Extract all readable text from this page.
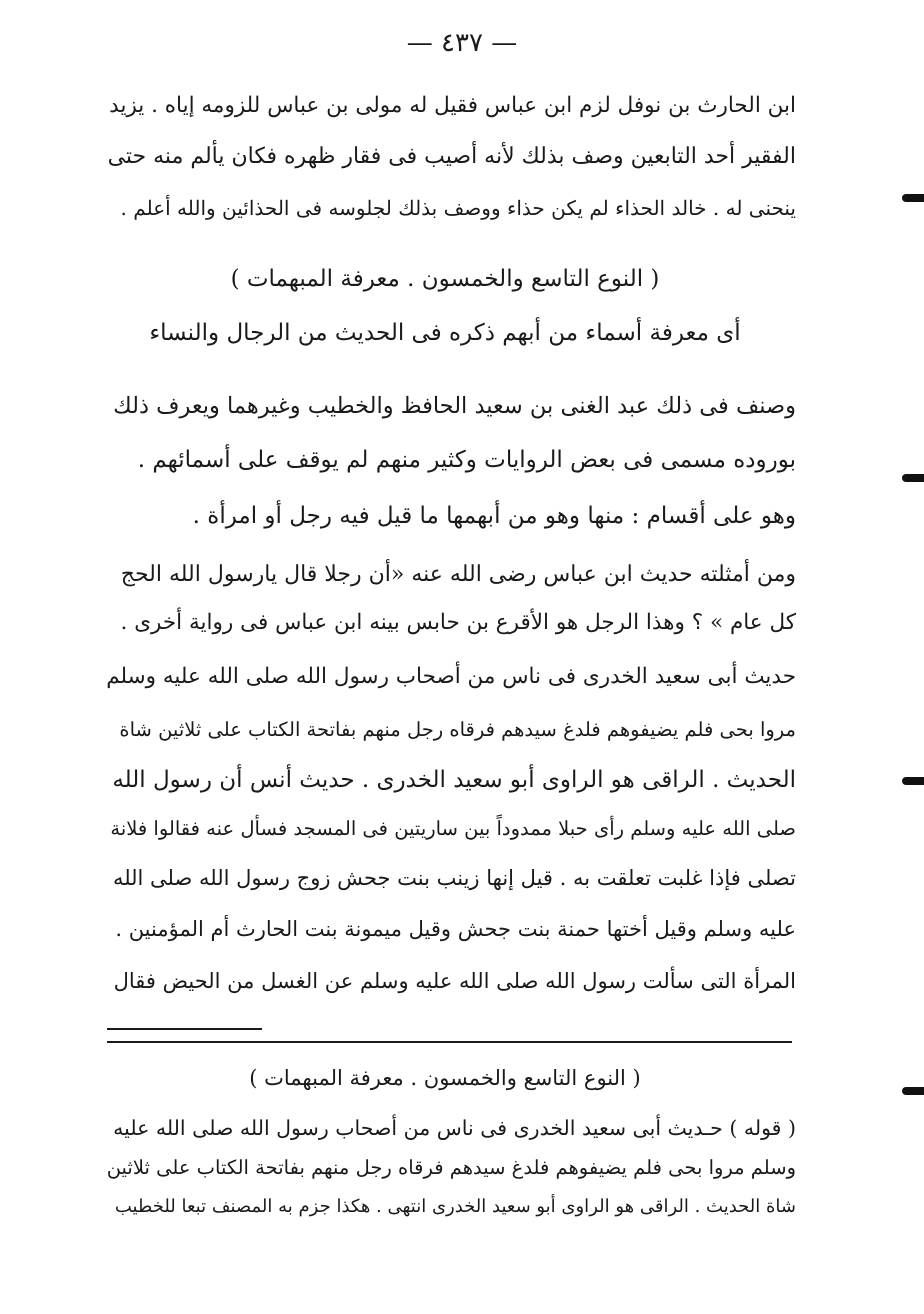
— ٤٣٧ —
ابن الحارث بن نوفل لزم ابن عباس فقيل له مولى بن عباس للزومه إياه . يزيد
الفقير أحد التابعين وصف بذلك لأنه أصيب فى فقار ظهره فكان يألم منه حتى
ينحنى له . خالد الحذاء لم يكن حذاء ووصف بذلك لجلوسه فى الحذائين والله أعلم .
( النوع التاسع والخمسون . معرفة المبهمات )
أى معرفة أسماء من أبهم ذكره فى الحديث من الرجال والنساء
وصنف فى ذلك عبد الغنى بن سعيد الحافظ والخطيب وغيرهما ويعرف ذلك
بوروده مسمى فى بعض الروايات وكثير منهم لم يوقف على أسمائهم .
وهو على أقسام : منها وهو من أبهمها ما قيل فيه رجل أو امرأة .
ومن أمثلته حديث ابن عباس رضى الله عنه «أن رجلا قال يارسول الله الحج
كل عام » ؟ وهذا الرجل هو الأقرع بن حابس بينه ابن عباس فى رواية أخرى .
حديث أبى سعيد الخدرى فى ناس من أصحاب رسول الله صلى الله عليه وسلم
مروا بحى فلم يضيفوهم فلدغ سيدهم فرقاه رجل منهم بفاتحة الكتاب على ثلاثين شاة
الحديث . الراقى هو الراوى أبو سعيد الخدرى . حديث أنس أن رسول الله
صلى الله عليه وسلم رأى حبلا ممدوداً بين ساريتين فى المسجد فسأل عنه فقالوا فلانة
تصلى فإذا غلبت تعلقت به . قيل إنها زينب بنت جحش زوج رسول الله صلى الله
عليه وسلم وقيل أختها حمنة بنت جحش وقيل ميمونة بنت الحارث أم المؤمنين .
المرأة التى سألت رسول الله صلى الله عليه وسلم عن الغسل من الحيض فقال
( النوع التاسع والخمسون . معرفة المبهمات )
( قوله ) حـديث أبى سعيد الخدرى فى ناس من أصحاب رسول الله صلى الله عليه
وسلم مروا بحى فلم يضيفوهم فلدغ سيدهم فرقاه رجل منهم بفاتحة الكتاب على ثلاثين
شاة الحديث . الراقى هو الراوى أبو سعيد الخدرى انتهى . هكذا جزم به المصنف تبعا للخطيب
